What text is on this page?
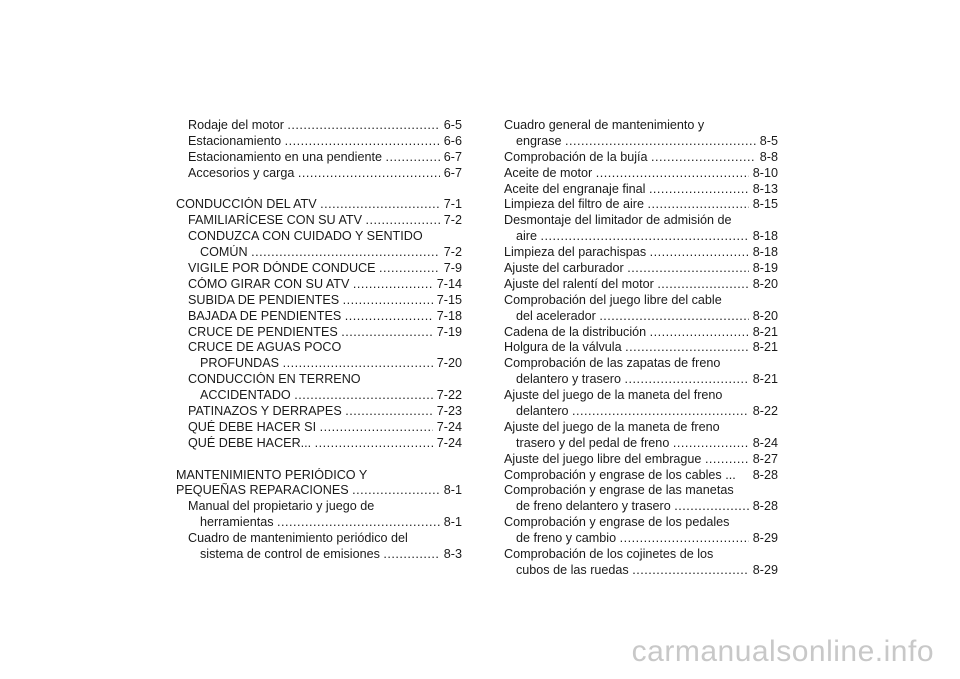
Rodaje del motor .....	6-5
Estacionamiento .....	6-6
Estacionamiento en una pendiente .....	6-7
Accesorios y carga .....	6-7
CONDUCCIÓN DEL ATV .....	7-1
FAMILIARÍCESE CON SU ATV .....	7-2
CONDUZCA CON CUIDADO Y SENTIDO
COMÚN .....	7-2
VIGILE POR DÓNDE CONDUCE .....	7-9
CÓMO GIRAR CON SU ATV .....	7-14
SUBIDA DE PENDIENTES .....	7-15
BAJADA DE PENDIENTES .....	7-18
CRUCE DE PENDIENTES .....	7-19
CRUCE DE AGUAS POCO
PROFUNDAS .....	7-20
CONDUCCIÓN EN TERRENO
ACCIDENTADO .....	7-22
PATINAZOS Y DERRAPES .....	7-23
QUÉ DEBE HACER SI .....	7-24
QUÉ DEBE HACER... .....	7-24
MANTENIMIENTO PERIÓDICO Y
PEQUEÑAS REPARACIONES .....	8-1
Manual del propietario y juego de
herramientas .....	8-1
Cuadro de mantenimiento periódico del
sistema de control de emisiones .....	8-3
Cuadro general de mantenimiento y
engrase .....	8-5
Comprobación de la bujía .....	8-8
Aceite de motor .....	8-10
Aceite del engranaje final .....	8-13
Limpieza del filtro de aire .....	8-15
Desmontaje del limitador de admisión de
aire .....	8-18
Limpieza del parachispas .....	8-18
Ajuste del carburador .....	8-19
Ajuste del ralentí del motor .....	8-20
Comprobación del juego libre del cable
del acelerador .....	8-20
Cadena de la distribución .....	8-21
Holgura de la válvula .....	8-21
Comprobación de las zapatas de freno
delantero y trasero .....	8-21
Ajuste del juego de la maneta del freno
delantero .....	8-22
Ajuste del juego de la maneta de freno
trasero y del pedal de freno .....	8-24
Ajuste del juego libre del embrague .....	8-27
Comprobación y engrase de los cables ... 8-28
Comprobación y engrase de las manetas
de freno delantero y trasero .....	8-28
Comprobación y engrase de los pedales
de freno y cambio .....	8-29
Comprobación de los cojinetes de los
cubos de las ruedas .....	8-29
carmanualsonline.info
